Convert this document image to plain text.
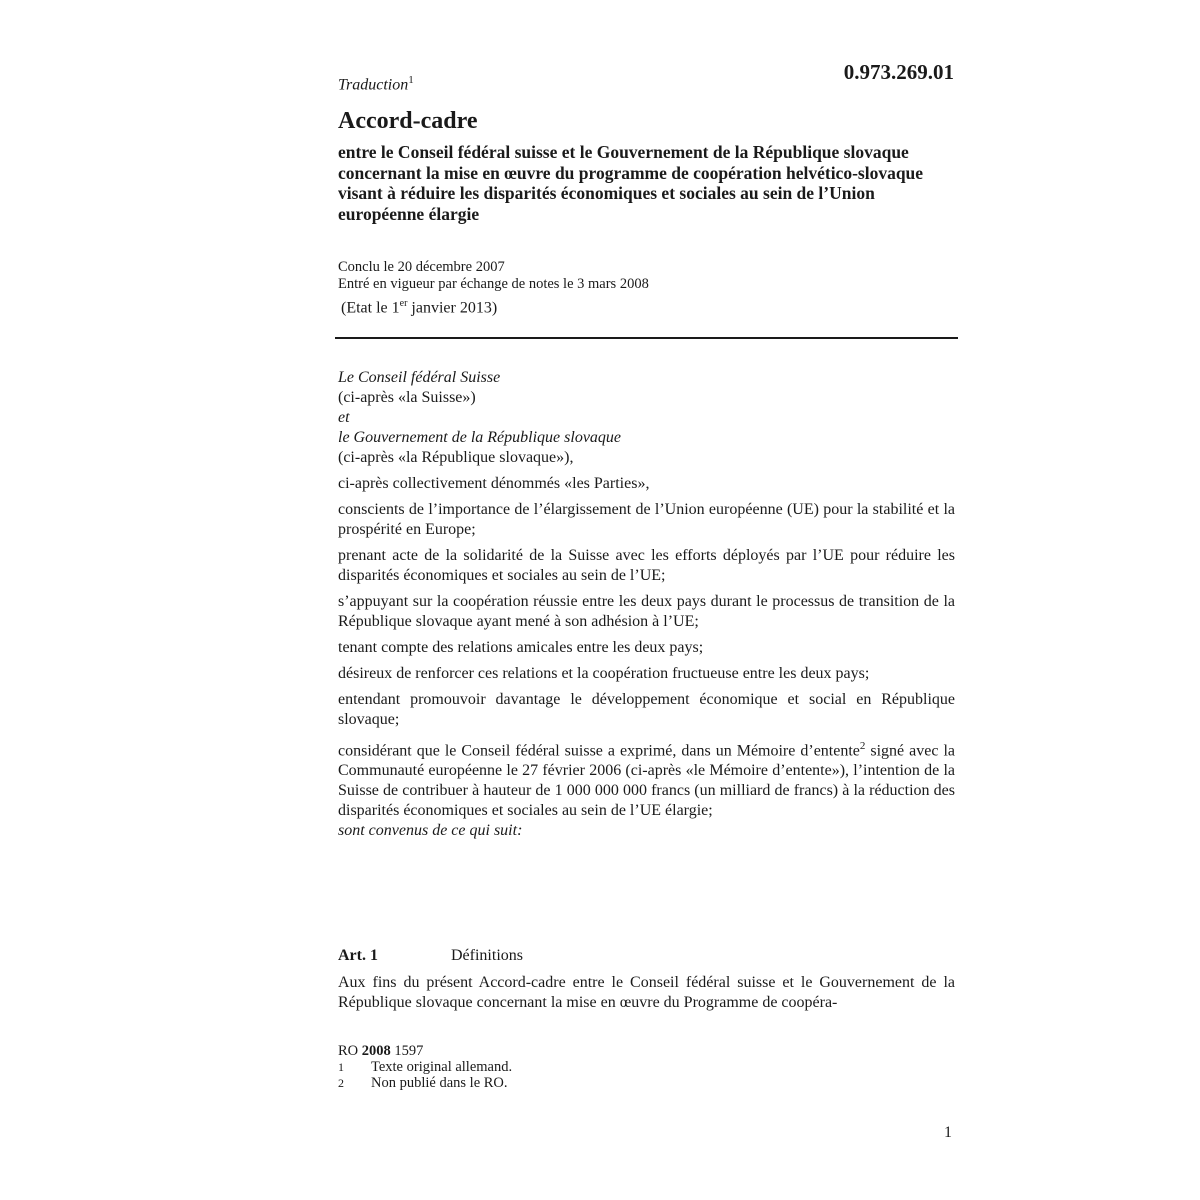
Traduction$^1$	0.973.269.01
Accord-cadre
entre le Conseil fédéral suisse et le Gouvernement de la République slovaque concernant la mise en œuvre du programme de coopération helvético-slovaque visant à réduire les disparités économiques et sociales au sein de l’Union européenne élargie
Conclu le 20 décembre 2007
Entré en vigueur par échange de notes le 3 mars 2008
(Etat le 1er janvier 2013)

Le Conseil fédéral Suisse

(ci-après «la Suisse»)

et

le Gouvernement de la République slovaque

(ci-après «la République slovaque»),

ci-après collectivement dénommés «les Parties»,

conscients de l’importance de l’élargissement de l’Union européenne (UE) pour la stabilité et la prospérité en Europe;

prenant acte de la solidarité de la Suisse avec les efforts déployés par l’UE pour réduire les disparités économiques et sociales au sein de l’UE;

s’appuyant sur la coopération réussie entre les deux pays durant le processus de transition de la République slovaque ayant mené à son adhésion à l’UE;

tenant compte des relations amicales entre les deux pays;

désireux de renforcer ces relations et la coopération fructueuse entre les deux pays;

entendant promouvoir davantage le développement économique et social en République slovaque;

considérant que le Conseil fédéral suisse a exprimé, dans un Mémoire d’entente$^2$ signé avec la Communauté européenne le 27 février 2006 (ci-après «le Mémoire d’entente»), l’intention de la Suisse de contribuer à hauteur de 1 000 000 000 francs (un milliard de francs) à la réduction des disparités économiques et sociales au sein de l’UE élargie;

sont convenus de ce qui suit:

Art. 1	Définitions
Aux fins du présent Accord-cadre entre le Conseil fédéral suisse et le Gouvernement de la République slovaque concernant la mise en œuvre du Programme de coopéra-
RO 2008 1597
1	Texte original allemand.
2	Non publié dans le RO.
1
